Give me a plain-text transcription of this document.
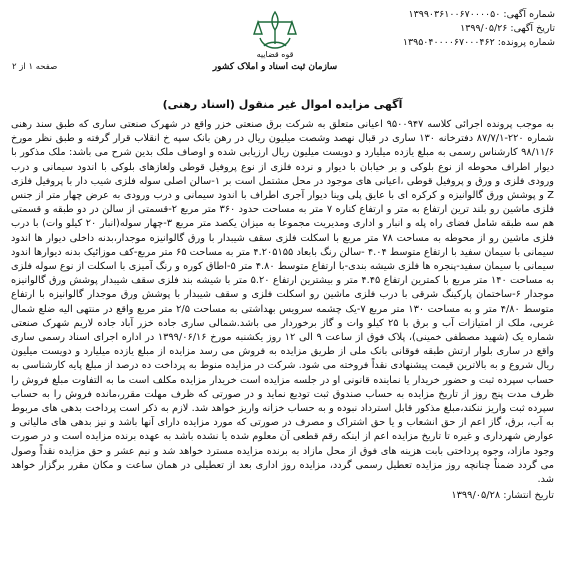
شماره آگهی: ۱۳۹۹۰۳۶۱۰۰۶۷۰۰۰۰۵۰
تاریخ آگهی: ۱۳۹۹/۰۵/۲۶
شماره پرونده: ۱۳۹۵۰۴۰۰۰۰۶۷۰۰۰۴۶۲
قوه قضاییه
سازمان ثبت اسناد و املاک کشور
صفحه ۱ از ۲
آگهی مزایده اموال غیر منقول (اسناد رهنی)
به موجب پرونده اجرائی کلاسه ۹۵۰۰۹۴۷ اعیانی متعلق به شرکت برق صنعتی خزر واقع در شهرک صنعتی ساری که طبق سند رهنی شماره ۲۲۰-۸۷/۷/۱ دفترخانه ۱۳۰ ساری در قبال نهصد وشصت میلیون ریال در رهن بانک سپه خ انقلاب قرار گرفته و طبق نظر مورخ ۹۸/۱۱/۶ کارشناس رسمی به مبلغ یازده میلیارد و دویست میلیون ریال ارزیابی شده و اوصاف ملک بدین شرح می باشد: ملک مذکور با دیوار اطراف محوطه از نوع بلوکی و بر خیابان با دیوار و نرده فلزی از نوع پروفیل قوطی ولغازهای بلوکی با اندود سیمانی و درب ورودی فلزی و ورق و پروفیل قوطی ،اعیانی های موجود در محل مشتمل است بر ۱-سالن اصلی سوله فلزی شیب دار با پروفیل فلزی Z و پوشش ورق گالوانیزه و کرکره ای با عایق پلی وینا دیوار آجری اطراف با اندود سیمانی و درب ورودی به عرض چهار متر از جنس فلزی ماشین رو بلند ترین ارتفاع به متر و ارتفاع کناره ۷ متر به مساحت حدود ۳۶۰ متر مربع ۲-قسمتی از سالن در دو طبقه و قسمتی هم سه طبقه شامل فضای راه پله و انبار و اداری ومدیریت مجموعا به میزان یکصد متر مربع ۳-چهار سوله(انبار ۲۰ کیلو وات) با درب فلزی ماشین رو از محوطه به مساحت ۷۸ متر مربع با اسکلت فلزی سقف شیبدار با ورق گالوانیزه موجدار،بدنه داخلی دیوار ها اندود سیمانی با سیمان سفید با ارتفاع متوسط ۴.۰۴ -سالن رنگ بابعاد ۴.۲۰۵۱۵۵ متر به مساحت ۶۵ متر مربع-کف موزائیک بدنه دیوارها اندود سیمانی با سیمان سفید-پنجره ها فلزی شیشه بندی-با ارتفاع متوسط ۴.۸۰ متر ۵-اطاق کوره و رنگ آمیزی با اسکلت از نوع سوله فلزی به مساحت ۱۴۰ متر مربع با کمترین ارتفاع ۴.۴۵ متر و بیشترین ارتفاع ۵.۲۰ متر با شیشه بند فلزی سقف شیبدار پوشش ورق گالوانیزه موجدار ۶-ساختمان پارکینگ شرقی با درب فلزی ماشین رو اسکلت فلزی و سقف شیبدار با پوشش ورق موجدار گالوانیزه با ارتفاع متوسط ۴/۸۰ متر و به مساحت ۱۳۰ متر مربع ۷-یک چشمه سرویس بهداشتی به مساحت ۲/۵ متر مربع واقع در منتهی الیه ضلع شمال غربی، ملک از امتیازات آب و برق با ۲۵ کیلو وات و گاز برخوردار می باشد.شمالی ساری جاده خزر آباد جاده لاریم شهرک صنعتی شماره یک (شهید مصطفی خمینی)، پلاک فوق از ساعت ۹ الی ۱۲ روز یکشنبه مورخ ۱۳۹۹/۰۶/۱۶ در اداره اجرای اسناد رسمی ساری واقع در ساری بلوار ارتش طبقه فوقانی بانک ملی از طریق مزایده به فروش می رسد مزایده از مبلغ یازده میلیارد و دویست میلیون ریال شروع و به بالاترین قیمت پیشنهادی نقداً فروخته می شود. شرکت در مزایده منوط به پرداخت ده درصد از مبلغ پایه کارشناسی به حساب سپرده ثبت و حضور خریدار یا نماینده قانونی او در جلسه مزایده است خریدار مزایده مکلف است ما به التفاوت مبلغ فروش را ظرف مدت پنج روز از تاریخ مزایده به حساب صندوق ثبت تودیع نماید و در صورتی که ظرف مهلت مقرر،مانده فروش را به حساب سپرده ثبت واریز ننکند،مبلغ مذکور قابل استرداد نبوده و به حساب خزانه واریز خواهد شد. لازم به ذکر است پرداخت بدهی های مربوط به آب، برق، گاز اعم از حق انشعاب و یا حق اشتراک و مصرف در صورتی که مورد مزایده دارای آنها باشد و نیز بدهی های مالیاتی و عوارض شهرداری و غیره تا تاریخ مزایده اعم از اینکه رقم قطعی آن معلوم شده یا نشده باشد به عهده برنده مزایده است و در صورت وجود مازاد، وجوه پرداختی بابت هزینه های فوق از محل مازاد به برنده مزایده مسترد خواهد شد و نیم عشر و حق مزایده نقداً وصول می گردد ضمناً چنانچه روز مزایده تعطیل رسمی گردد، مزایده روز اداری بعد از تعطیلی در همان ساعت و مکان مقرر برگزار خواهد شد.
تاریخ انتشار: ۱۳۹۹/۰۵/۲۸
